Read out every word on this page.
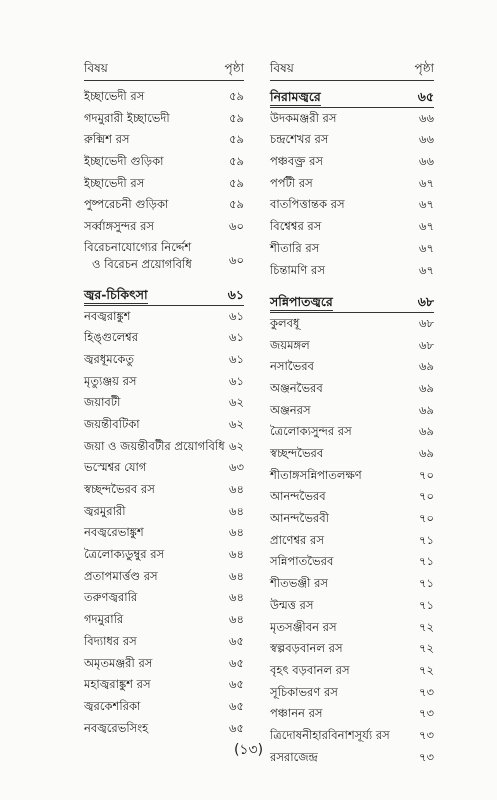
বিষয়	পৃষ্ঠা
ইচ্ছাভেদী রস	৫৯
গদমুরারী ইচ্ছাভেদী	৫৯
রুক্মিশ রস	৫৯
ইচ্ছাভেদী গুড়িকা	৫৯
ইচ্ছাভেদী রস	৫৯
পুষ্পরেচনী গুড়িকা	৫৯
সর্ব্বাঙ্গসুন্দর রস	৬০
বিরেচনাযোগ্যের নির্দ্দেশ
ও বিরেচন প্রয়োগবিধি	৬০
জ্বর-চিকিৎসা	৬১
নবজ্বরাঙ্কুশ	৬১
হিঙ্গুলেশ্বর	৬১
জ্বরধূমকেতু	৬১
মৃত্যুঞ্জয় রস	৬১
জয়াবটী	৬২
জয়ন্তীবটিকা	৬২
জয়া ও জয়ন্তীবটীর প্রয়োগবিধি ৬২
ভস্মেশ্বর যোগ	৬৩
স্বচ্ছন্দভৈরব রস	৬৪
জ্বরমুরারী	৬৪
নবজ্বরেভাঙ্কুশ	৬৪
ত্রৈলোক্যডুম্বুর রস	৬৪
প্রতাপমার্ত্তণ্ড রস	৬৪
তরুণজ্বরারি	৬৪
গদমুরারি	৬৪
বিদ্যাধর রস	৬৫
অমৃতমঞ্জরী রস	৬৫
মহাজ্বরাঙ্কুশ রস	৬৫
জ্বরকেশরিকা	৬৫
নবজ্বরেভসিংহ	৬৫
বিষয়	পৃষ্ঠা
নিরামজ্বরে	৬৫
উদকমঞ্জরী রস	৬৬
চন্দ্রশেখর রস	৬৬
পঞ্চবক্ত্র রস	৬৬
পর্পটী রস	৬৭
বাতপিত্তান্তক রস	৬৭
বিশ্বেশ্বর রস	৬৭
শীতারি রস	৬৭
চিন্তামণি রস	৬৭
সন্নিপাতজ্বরে	৬৮
কুলবধূ	৬৮
জয়মঙ্গল	৬৮
নসাভৈরব	৬৯
অঞ্জনভৈরব	৬৯
অঞ্জনরস	৬৯
ত্রৈলোক্যসুন্দর রস	৬৯
স্বচ্ছন্দভৈরব	৬৯
শীতাঙ্গসন্নিপাতলক্ষণ	৭০
আনন্দভৈরব	৭০
আনন্দভৈরবী	৭০
প্রাণেশ্বর রস	৭১
সন্নিপাতভৈরব	৭১
শীতভঞ্জী রস	৭১
উন্মত্ত রস	৭১
মৃতসঞ্জীবন রস	৭২
স্বল্পবড়বানল রস	৭২
বৃহৎ বড়বানল রস	৭২
সূচিকাভরণ রস	৭৩
পঞ্চানন রস	৭৩
ত্রিদোষনীহারবিনাশসূর্য্য রস	৭৩
রসরাজেন্দ্র	৭৩
(১৩)
